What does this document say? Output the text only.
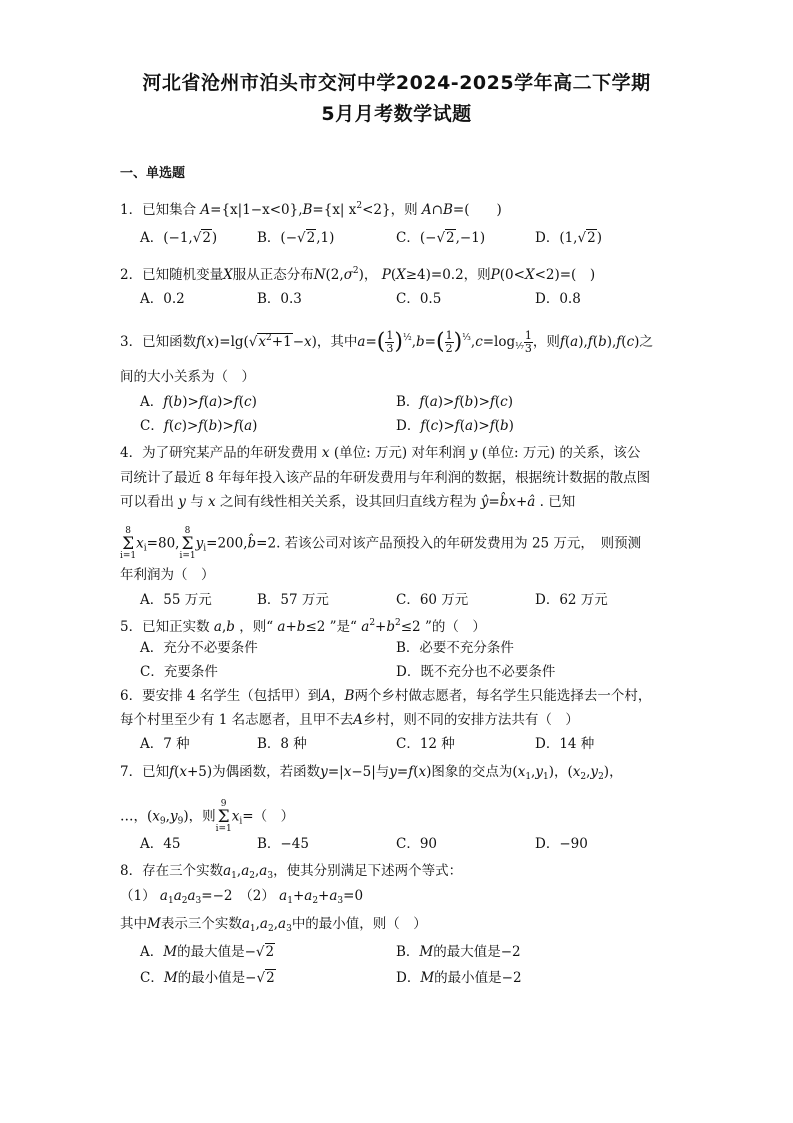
河北省沧州市泊头市交河中学2024-2025学年高二下学期
5月月考数学试题
一、单选题
1．已知集合 A={x|1−x<0},B={x| $x^2<2$}，则 A∩B=(　　)
A．(−1,√2)	B．(−√2,1)	C．(−√2,−1)	D．(1,√2)
2．已知随机变量X服从正态分布$N(2,\sigma^2)$， P(X≥4)=0.2，则P(0<X<2)=(　)
A．0.2	B．0.3	C．0.5	D．0.8
3．已知函数$f(x)=\lg(√x^2+1-x)$，其中$a=( \frac{1}{3} )^{\frac{1}{2}},b=( \frac{1}{2} )^{\frac{1}{3}},c=\log_⅐ \frac{1}{3}$ ，则f(a),f(b),f(c)之
间的大小关系为（　）
A．f(b)>f(a)>f(c)	B．f(a)>f(b)>f(c)
C．f(c)>f(b)>f(a)	D．f(c)>f(a)>f(b)
4．为了研究某产品的年研发费用 x (单位: 万元) 对年利润 y (单位: 万元) 的关系，该公
司统计了最近 8 年每年投入该产品的年研发费用与年利润的数据，根据统计数据的散点图
可以看出 y 与 x 之间有线性相关关系，设其回归直线方程为 ŷ=b̂x+â . 已知
8
Σ
$i=1x_i=80,8$
Σ
$i=1y_i=200,b̂=2$. 若该公司对该产品预投入的年研发费用为 25 万元，　则预测
年利润为（　）
A．55 万元	B．57 万元	C．60 万元	D．62 万元
5．已知正实数 a,b ，则“ a+b≤2 ”是“ $a^2+b^2\le 2$ ”的（　）
A．充分不必要条件	B．必要不充分条件
C．充要条件	D．既不充分也不必要条件
6．要安排 4 名学生（包括甲）到A，B两个乡村做志愿者，每名学生只能选择去一个村，
每个村里至少有 1 名志愿者，且甲不去A乡村，则不同的安排方法共有（　）
A．7 种	B．8 种	C．12 种	D．14 种
7．已知f(x+5)为偶函数，若函数y=|x−5|与y=f(x)图象的交点为$(x_1,y_1)$，$(x_2,y_2)$，
…，$(x_9,y_9)$，则9
Σ
$i=1x_i=$（　）
A．45	B．−45	C．90	D．−90
8．存在三个实数$a_1,a_2,a_3$，使其分别满足下述两个等式：
（1） $a_1a_2a_3=-2$　（2） $a_1+a_2+a_3=0$
其中M表示三个实数$a_1,a_2,a_3$中的最小值，则（　）
A．M的最大值是−√2	B．M的最大值是−2
C．M的最小值是−√2	D．M的最小值是−2
